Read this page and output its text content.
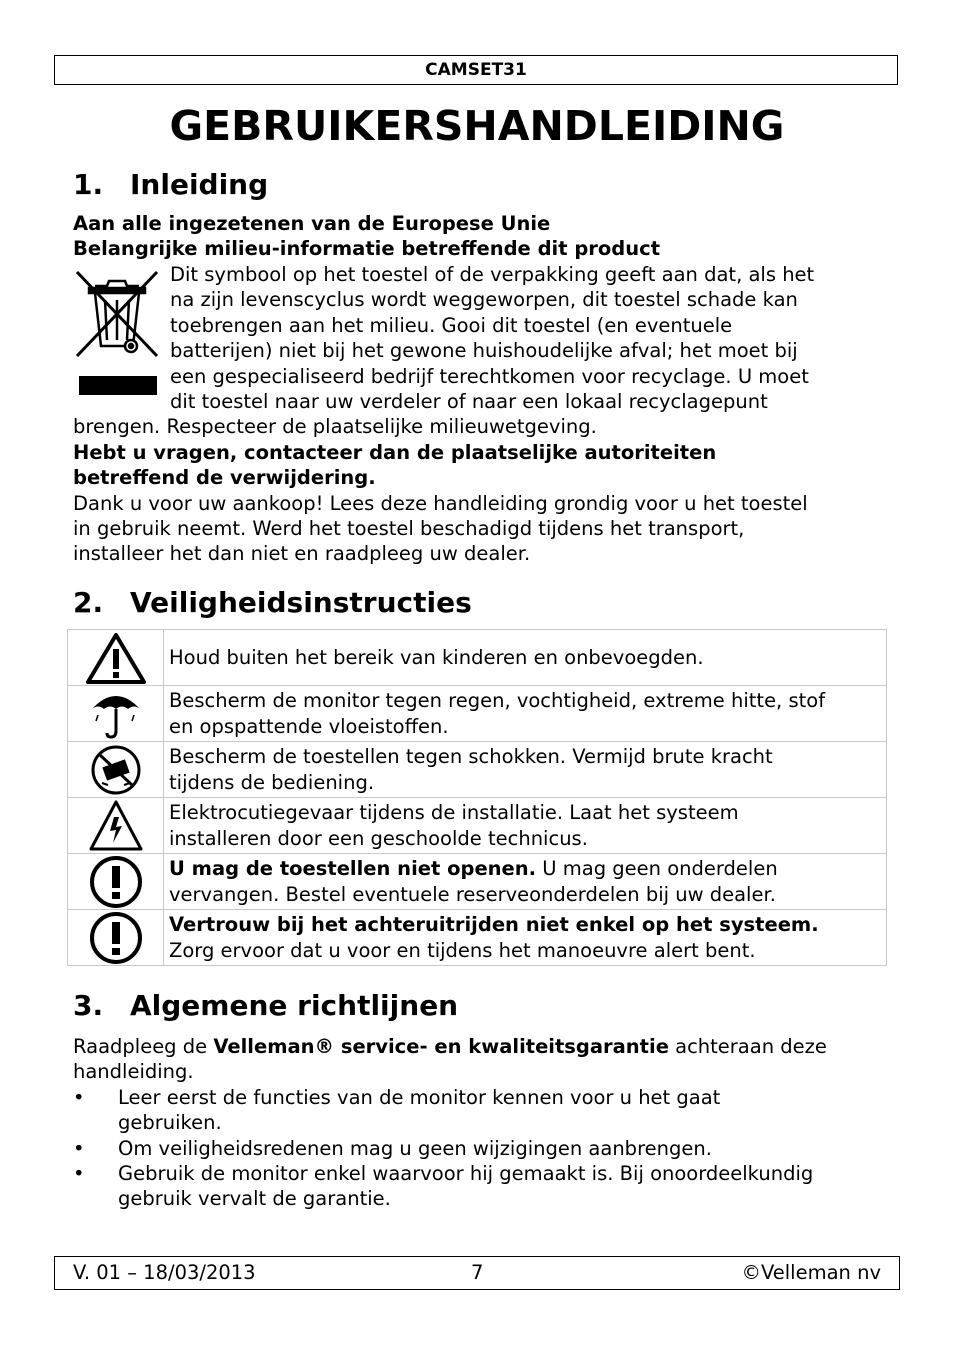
CAMSET31
GEBRUIKERSHANDLEIDING
1. Inleiding

Aan alle ingezetenen van de Europese Unie

Belangrijke milieu-informatie betreffende dit product

Dit symbool op het toestel of de verpakking geeft aan dat, als het

na zijn levenscyclus wordt weggeworpen, dit toestel schade kan

toebrengen aan het milieu. Gooi dit toestel (en eventuele

batterijen) niet bij het gewone huishoudelijke afval; het moet bij

een gespecialiseerd bedrijf terechtkomen voor recyclage. U moet

dit toestel naar uw verdeler of naar een lokaal recyclagepunt

brengen. Respecteer de plaatselijke milieuwetgeving.

Hebt u vragen, contacteer dan de plaatselijke autoriteiten

betreffend de verwijdering.

Dank u voor uw aankoop! Lees deze handleiding grondig voor u het toestel

in gebruik neemt. Werd het toestel beschadigd tijdens het transport,

installeer het dan niet en raadpleeg uw dealer.

2. Veiligheidsinstructies
	Houd buiten het bereik van kinderen en onbevoegden.

	Bescherm de monitor tegen regen, vochtigheid, extreme hitte, stof
en opspattende vloeistoffen.

	Bescherm de toestellen tegen schokken. Vermijd brute kracht
tijdens de bediening.

	Elektrocutiegevaar tijdens de installatie. Laat het systeem
installeren door een geschoolde technicus.

	U mag de toestellen niet openen. U mag geen onderdelen
vervangen. Bestel eventuele reserveonderdelen bij uw dealer.

	Vertrouw bij het achteruitrijden niet enkel op het systeem.
Zorg ervoor dat u voor en tijdens het manoeuvre alert bent.
3. Algemene richtlijnen

Raadpleeg de Velleman® service- en kwaliteitsgarantie achteraan deze

handleiding.

• Leer eerst de functies van de monitor kennen voor u het gaat
gebruiken.
• Om veiligheidsredenen mag u geen wijzigingen aanbrengen.
• Gebruik de monitor enkel waarvoor hij gemaakt is. Bij onoordeelkundig
gebruik vervalt de garantie.
V. 01 – 18/03/2013	7	©Velleman nv
